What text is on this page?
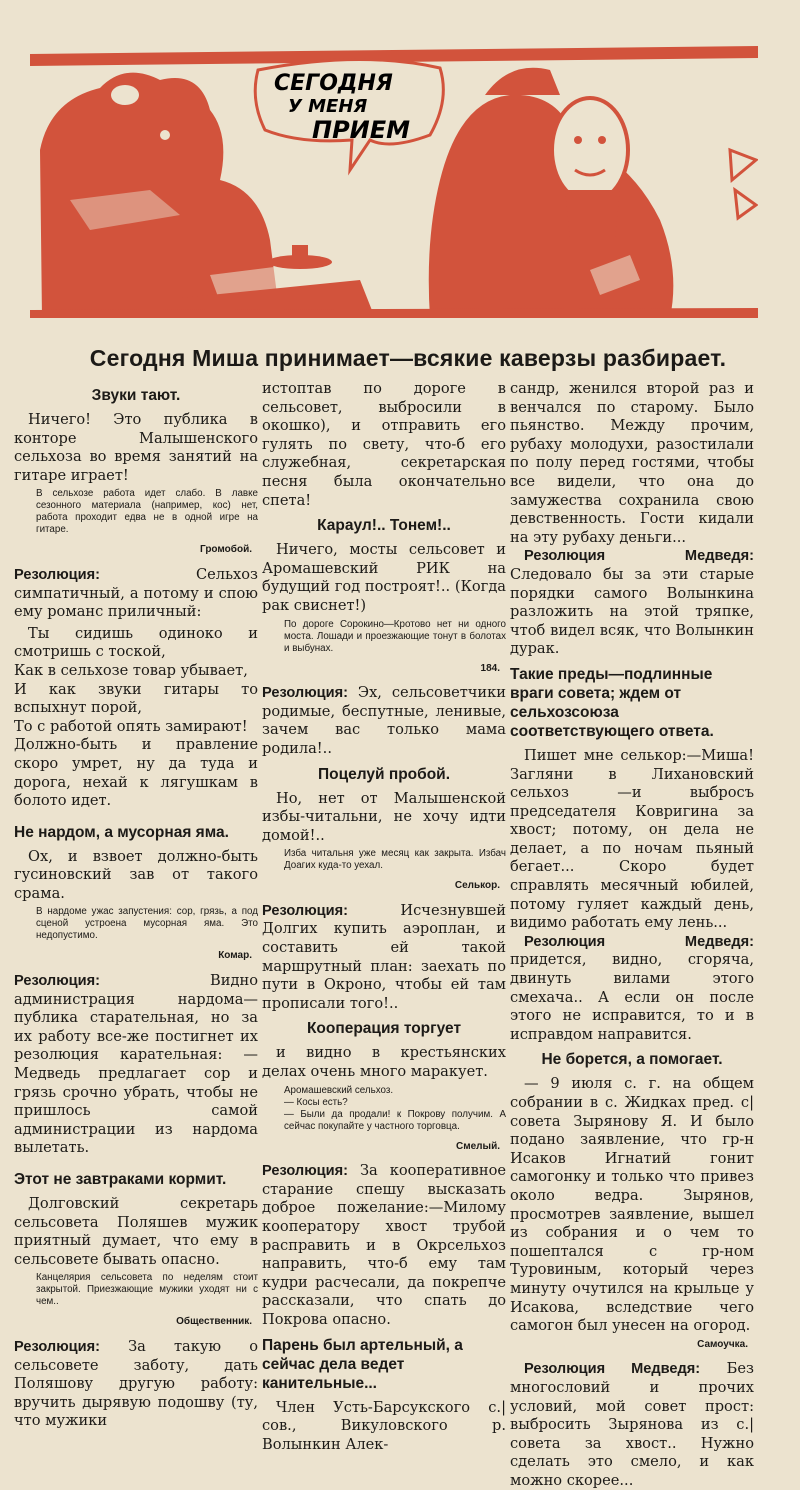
СЕГОДНЯ
У МЕНЯ
ПРИЕМ
Сегодня Миша принимает—всякие каверзы разбирает.
Звуки тают.

Ничего! Это публика в конторе Малышенского сельхоза во время занятий на гитаре играет!

В сельхозе работа идет слабо. В лавке сезонного материала (например, кос) нет, работа проходит едва не в одной игре на гитаре.
Громобой.

Резолюция:	Сельхоз симпатичный, а потому и спою ему романс приличный:

Ты сидишь одиноко и смотришь с тоской,
Как в сельхозе товар убывает,
И как звуки гитары то вспыхнут порой,
То с работой опять замирают!
Должно-быть и правление скоро умрет, ну да туда и дорога, нехай к лягушкам в болото идет.
Не нардом, а мусорная яма.

Ох, и взвоет должно-быть гусиновский зав от такого срама.

В нардоме ужас запустения: сор, грязь, а под сценой устроена мусорная яма. Это недопустимо.
Комар.

Резолюция:	Видно администрация нардома—публика старательная, но за их работу все-же постигнет их резолюция карательная: —Медведь предлагает сор и грязь срочно убрать, чтобы не пришлось самой администрации из нардома вылетать.

Этот не завтраками кормит.

Долговский секретарь сельсовета Поляшев мужик приятный думает, что ему в сельсовете бывать опасно.

Канцелярия сельсовета по неделям стоит закрытой. Приезжающие мужики уходят ни с чем..
Общественник.

Резолюция: За такую о сельсовете заботу, дать Поляшову другую работу: вручить дырявую подошву (ту, что мужики

истоптав по дороге в сельсовет, выбросили в окошко), и отправить его гулять по свету, что-б его служебная, секретарская песня была окончательно спета!

Караул!.. Тонем!..

Ничего, мосты сельсовет и Аромашевский РИК на будущий год построят!.. (Когда рак свиснет!)

По дороге Сорокино—Кротово нет ни одного моста. Лошади и проезжающие тонут в болотах и выбунах.
184.

Резолюция: Эх, сельсоветчики родимые, беспутные, ленивые, зачем вас только мама родила!..

Поцелуй пробой.

Но, нет от Малышенской избы-читальни, не хочу идти домой!..

Изба читальня уже месяц как закрыта. Избач Доагих куда-то уехал.
Селькор.

Резолюция:	Исчезнувшей Долгих купить аэроплан, и составить ей такой маршрутный план: заехать по пути в Окроно, чтобы ей там прописали того!..

Кооперация торгует

и видно в крестьянских делах очень много маракует.

Аромашевский сельхоз.
— Косы есть?
— Были да продали! к Покрову получим. А сейчас покупайте у частного торговца.
Смелый.

Резолюция: За кооперативное старание спешу высказать доброе пожелание:—Милому кооператору хвост трубой расправить и в Окрсельхоз направить, что-б ему там кудри расчесали, да покрепче рассказали, что спать до Покрова опасно.

Парень был артельный, а сейчас дела ведет канительные...

Член Усть-Барсукского с.|сов., Викуловского р. Волынкин Алек-

сандр, женился второй раз и венчался по старому. Было пьянство. Между прочим, рубаху молодухи, разостилали по полу перед гостями, чтобы все видели, что она до замужества сохранила свою девственность. Гости кидали на эту рубаху деньги...

Резолюция Медведя: Следовало бы за эти старые порядки самого Волынкина разложить на этой тряпке, чтоб видел всяк, что Волынкин дурак.

Такие преды—подлинные враги совета; ждем от сельхозсоюза соответствующего ответа.

Пишет мне селькор:—Миша! Загляни в Лихановский сельхоз —и выбросъ председателя Ковригина за хвост; потому, он дела не делает, а по ночам пьяный бегает... Скоро будет справлять месячный юбилей, потому гуляет каждый день, видимо работать ему лень...

Резолюция Медведя: придется, видно, сгоряча, двинуть вилами этого смехача.. А если он после этого не исправится, то и в исправдом направится.

Не борется, а помогает.

— 9 июля с. г. на общем собрании в с. Жидках пред. с|совета Зырянову Я. И было подано заявление, что гр-н Исаков Игнатий гонит самогонку и только что привез около ведра. Зырянов, просмотрев заявление, вышел из собрания и о чем то пошептался с гр-ном Туровиным, который через минуту очутился на крыльце у Исакова, вследствие чего самогон был унесен на огород.

Самоучка.

Резолюция Медведя: Без многословий и прочих условий, мой совет прост: выбросить Зырянова из с.|совета за хвост.. Нужно сделать это смело, и как можно скорее...
